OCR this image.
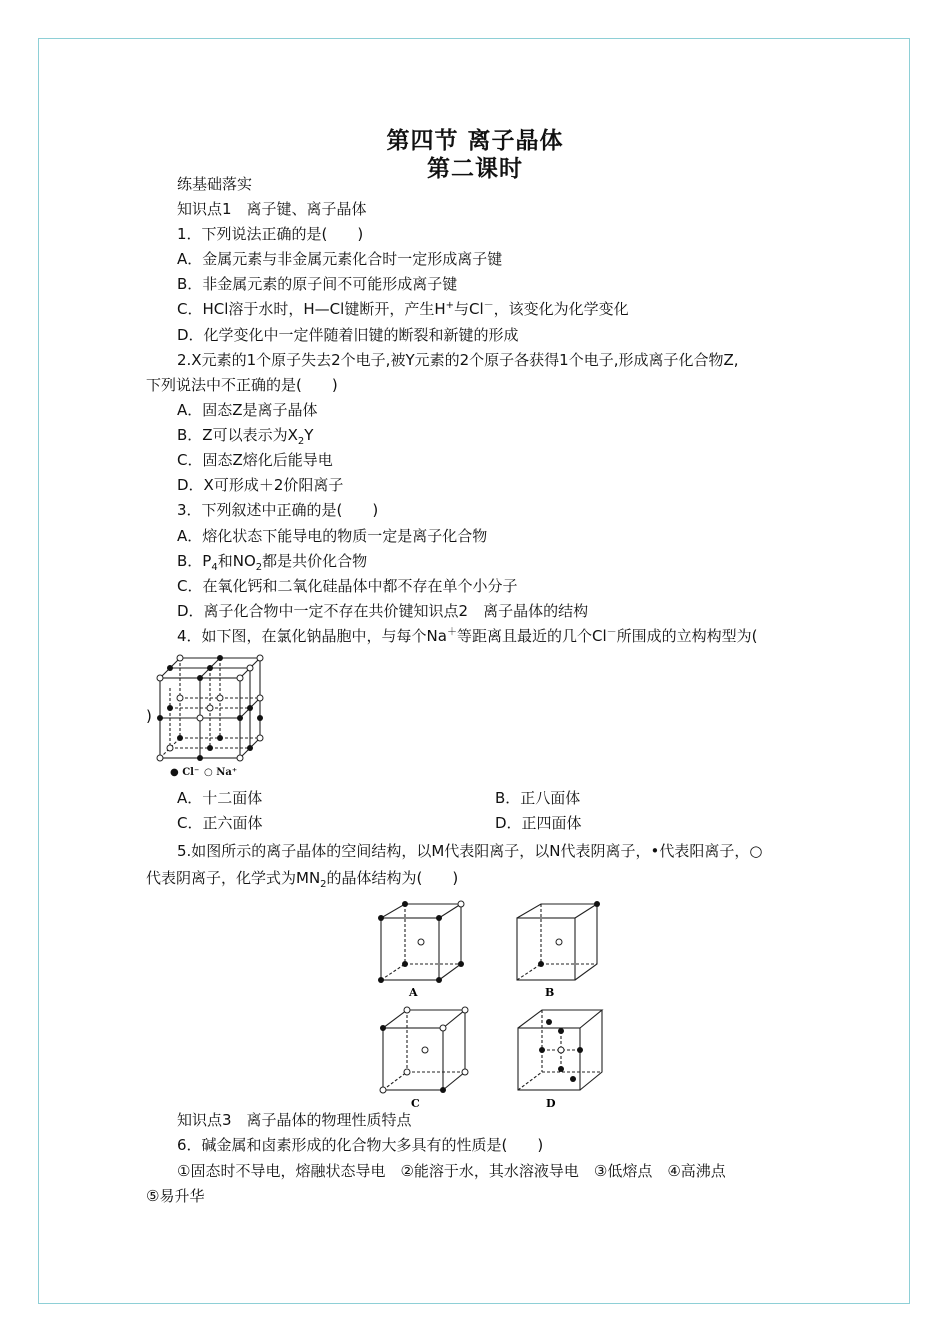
第四节 离子晶体
第二课时
练基础落实
知识点1　离子键、离子晶体
1．下列说法正确的是(　　)
A．金属元素与非金属元素化合时一定形成离子键
B．非金属元素的原子间不可能形成离子键
C．HCl溶于水时，H—Cl键断开，产生H+与Cl－，该变化为化学变化
D．化学变化中一定伴随着旧键的断裂和新键的形成
2.X元素的1个原子失去2个电子,被Y元素的2个原子各获得1个电子,形成离子化合物Z,
下列说法中不正确的是(　　)
A．固态Z是离子晶体
B．Z可以表示为$X_2Y$
C．固态Z熔化后能导电
D．X可形成＋2价阳离子
3．下列叙述中正确的是(　　)
A．熔化状态下能导电的物质一定是离子化合物
B．$P_4$和$NO_2$都是共价化合物
C．在氧化钙和二氧化硅晶体中都不存在单个小分子
D．离子化合物中一定不存在共价键知识点2　离子晶体的结构
4．如下图，在氯化钠晶胞中，与每个Na＋等距离且最近的几个Cl－所围成的立构构型为(
)
● Cl⁻ ○ Na⁺
A．十二面体	B．正八面体
C．正六面体	D．正四面体
5.如图所示的离子晶体的空间结构，以M代表阳离子，以N代表阴离子，•代表阳离子，○
代表阴离子，化学式为$MN_2$的晶体结构为(　　)
A	B
C	D
知识点3　离子晶体的物理性质特点
6．碱金属和卤素形成的化合物大多具有的性质是(　　)
①固态时不导电，熔融状态导电　②能溶于水，其水溶液导电　③低熔点　④高沸点
⑤易升华
